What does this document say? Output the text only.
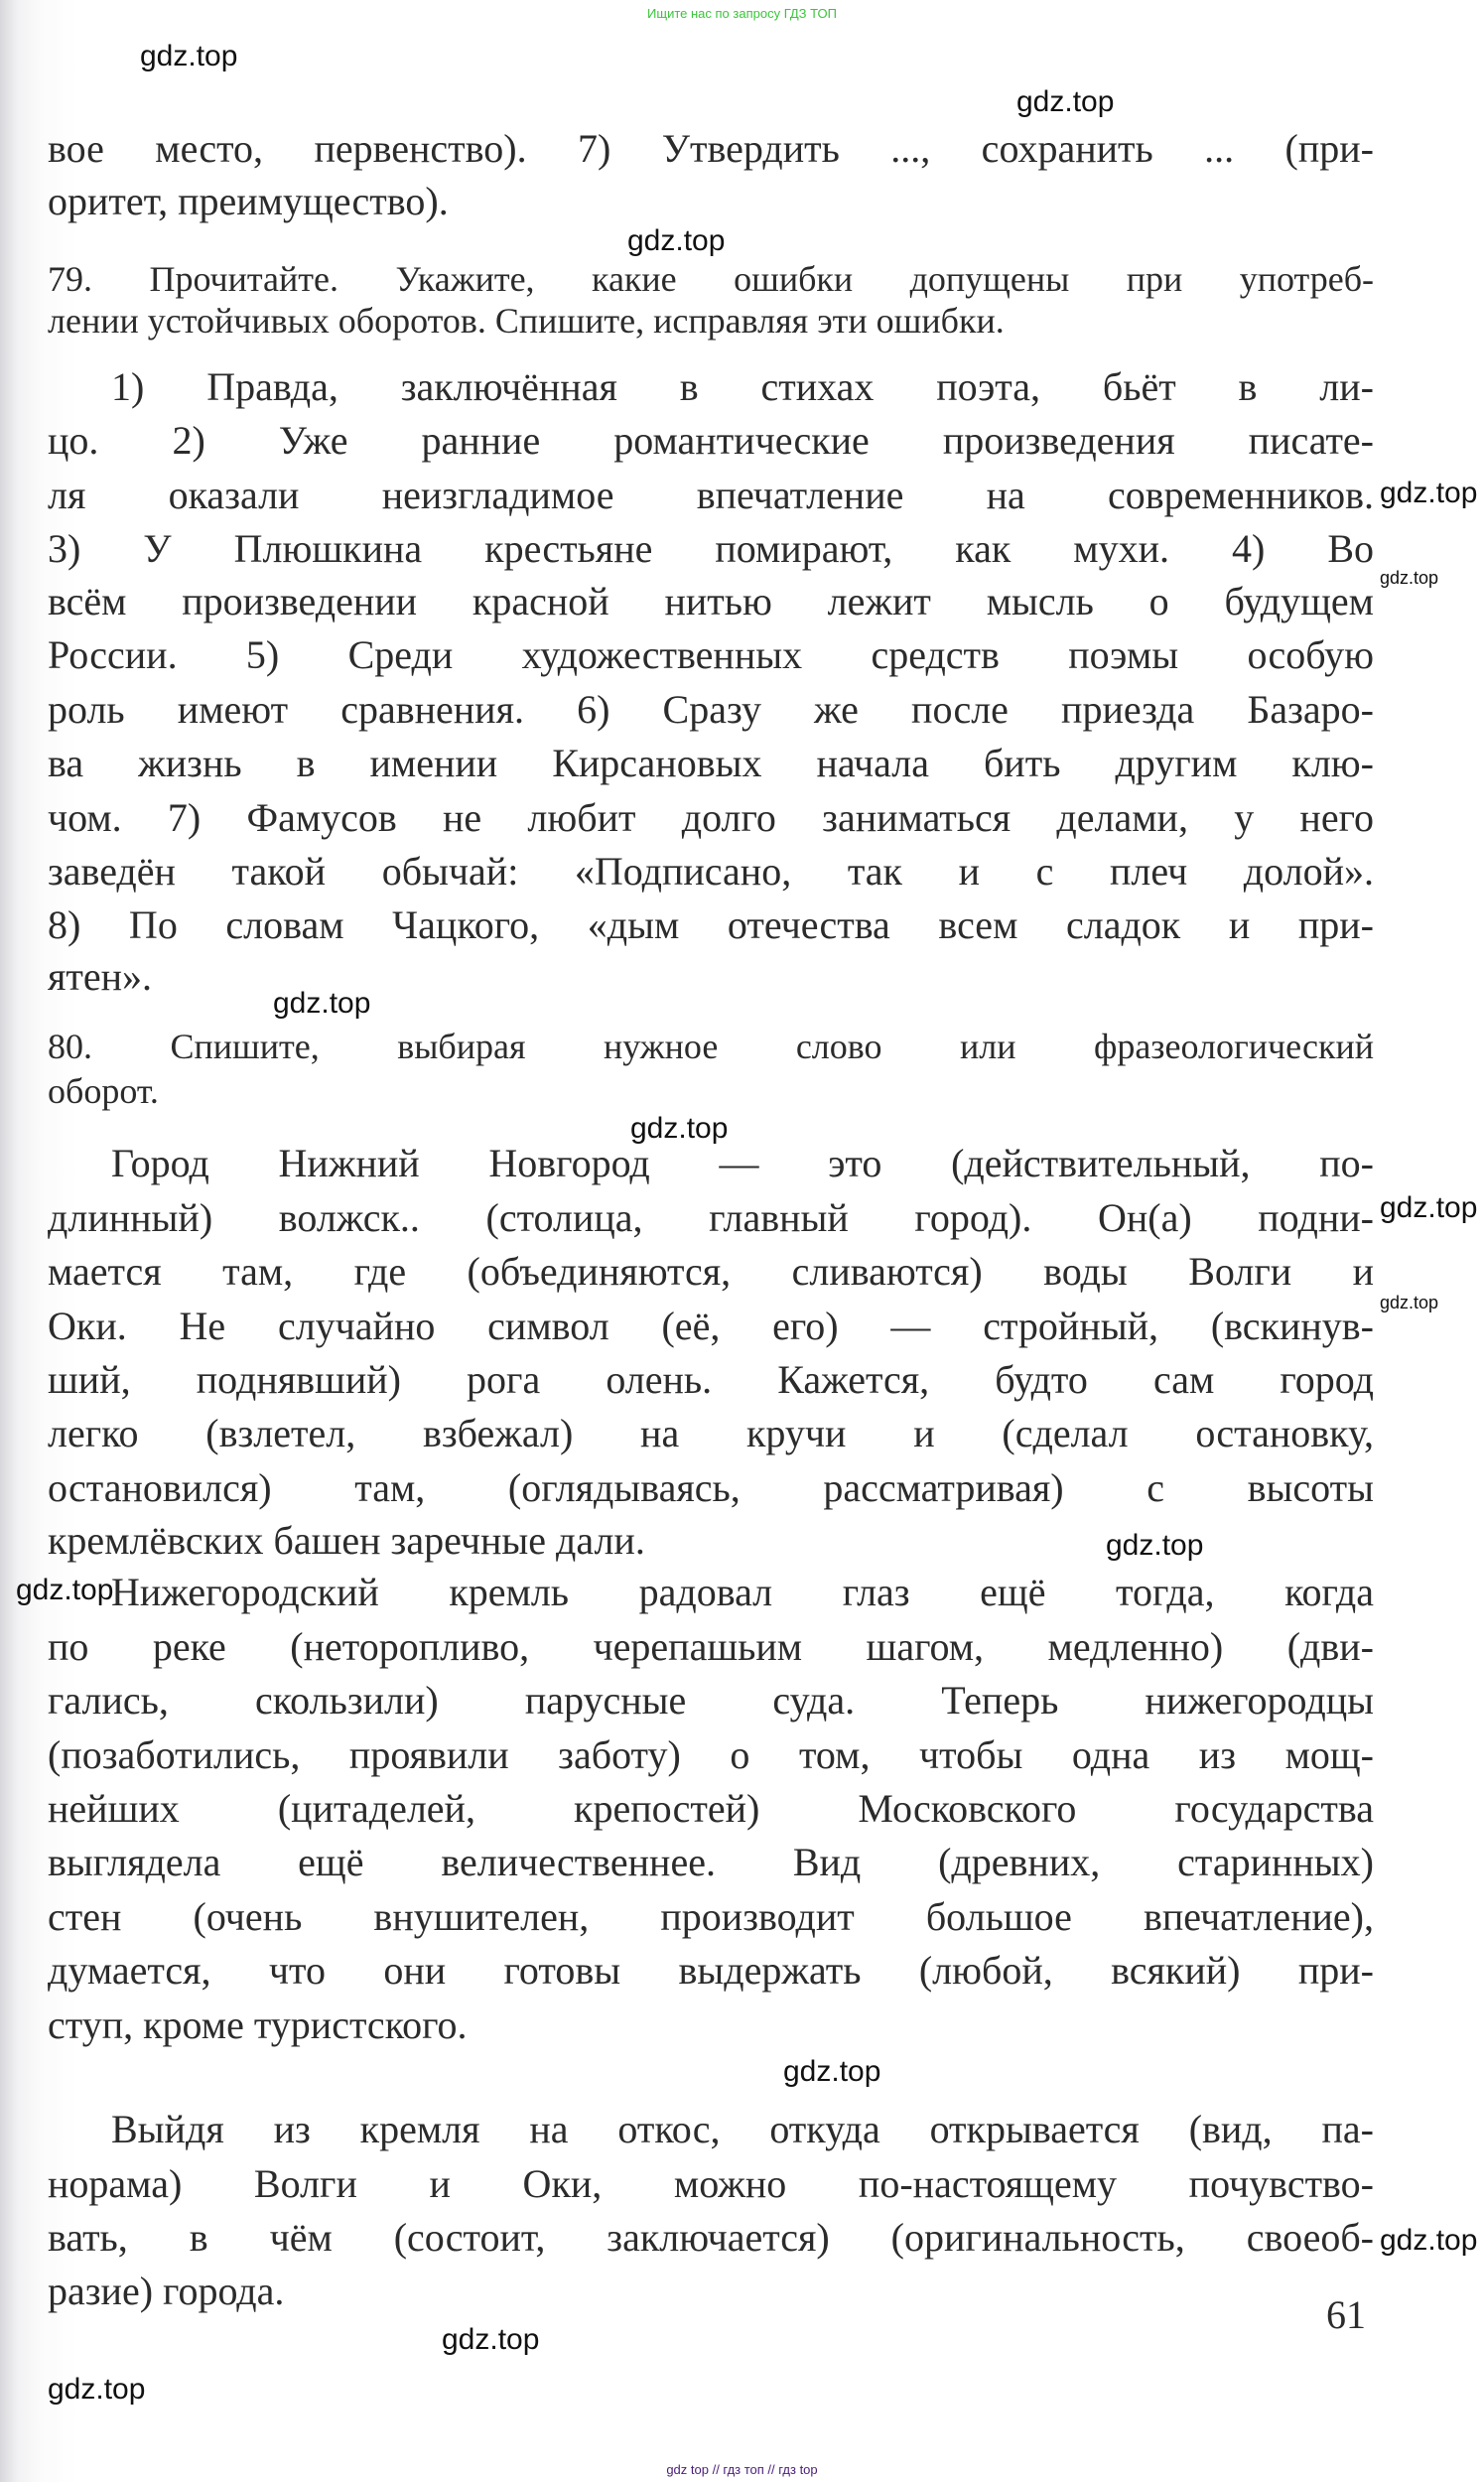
Ищите нас по запросу ГДЗ ТОП
вое место, первенство). 7) Утвердить ..., сохранить ... (при-
оритет, преимущество).
79. Прочитайте. Укажите, какие ошибки допущены при употреб-
лении устойчивых оборотов. Спишите, исправляя эти ошибки.
1) Правда, заключённая в стихах поэта, бьёт в ли-
цо. 2) Уже ранние романтические произведения писате-
ля оказали неизгладимое впечатление на современников.
3) У Плюшкина крестьяне помирают, как мухи. 4) Во
всём произведении красной нитью лежит мысль о будущем
России. 5) Среди художественных средств поэмы особую
роль имеют сравнения. 6) Сразу же после приезда Базаро-
ва жизнь в имении Кирсановых начала бить другим клю-
чом. 7) Фамусов не любит долго заниматься делами, у него
заведён такой обычай: «Подписано, так и с плеч долой».
8) По словам Чацкого, «дым отечества всем сладок и при-
ятен».
80. Спишите, выбирая нужное слово или фразеологический
оборот.
Город Нижний Новгород — это (действительный, по-
длинный) волжск.. (столица, главный город). Он(а) подни-
мается там, где (объединяются, сливаются) воды Волги и
Оки. Не случайно символ (её, его) — стройный, (вскинув-
ший, поднявший) рога олень. Кажется, будто сам город
легко (взлетел, взбежал) на кручи и (сделал остановку,
остановился) там, (оглядываясь, рассматривая) с высоты
кремлёвских башен заречные дали.
Нижегородский кремль радовал глаз ещё тогда, когда
по реке (неторопливо, черепашьим шагом, медленно) (дви-
гались, скользили) парусные суда. Теперь нижегородцы
(позаботились, проявили заботу) о том, чтобы одна из мощ-
нейших (цитаделей, крепостей) Московского государства
выглядела ещё величественнее. Вид (древних, старинных)
стен (очень внушителен, производит большое впечатление),
думается, что они готовы выдержать (любой, всякий) при-
ступ, кроме туристского.
Выйдя из кремля на откос, откуда открывается (вид, па-
норама) Волги и Оки, можно по-настоящему почувство-
вать, в чём (состоит, заключается) (оригинальность, своеоб-
разие) города.
gdz.top
gdz.top
gdz.top
gdz.top
gdz.top
gdz.top
gdz.top
gdz.top
gdz.top
gdz.top
gdz.top
gdz.top
gdz.top
gdz.top
gdz.top
61
gdz top // гдз топ // гдз top
